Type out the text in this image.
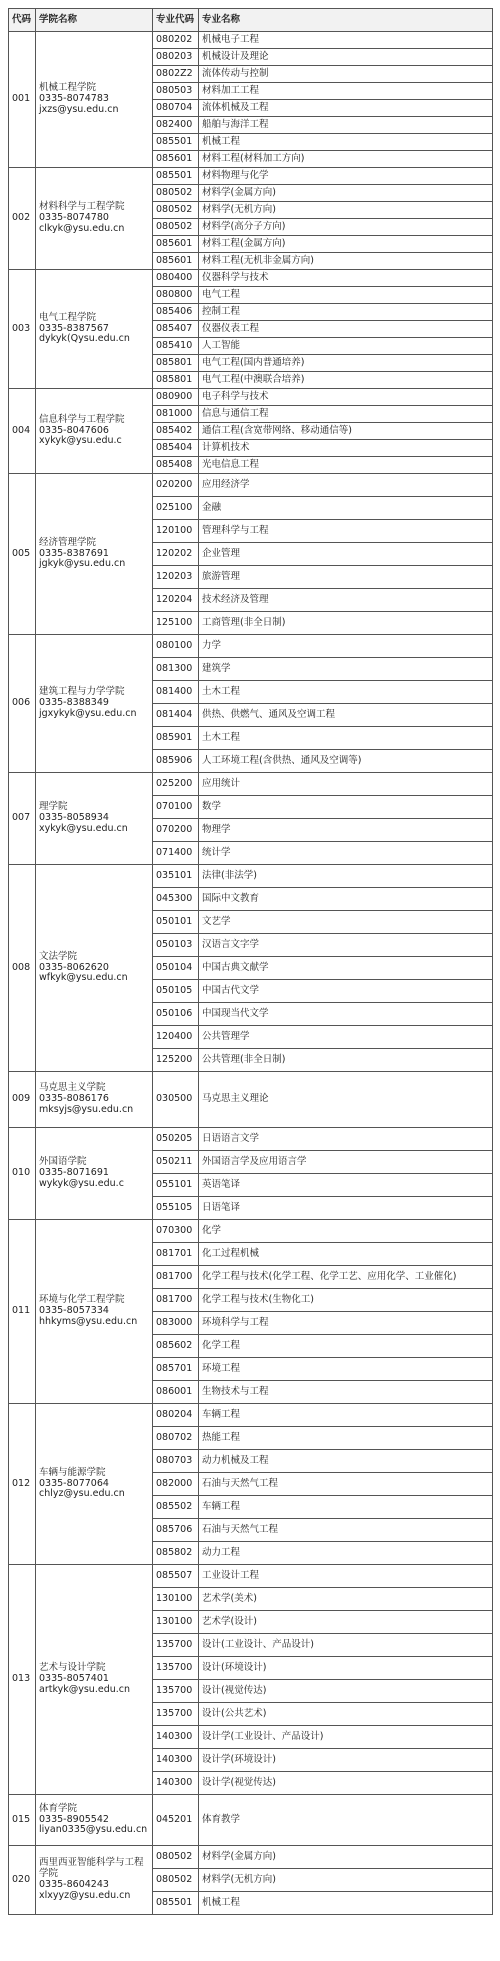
代码	学院名称	专业代码	专业名称
001	机械工程学院
0335-8074783
jxzs@ysu.edu.cn	080202	机械电子工程
		080203	机械设计及理论
		0802Z2	流体传动与控制
		080503	材料加工工程
		080704	流体机械及工程
		082400	船舶与海洋工程
		085501	机械工程
		085601	材料工程(材料加工方向)
002	材料科学与工程学院
0335-8074780
clkyk@ysu.edu.cn	085501	材料物理与化学
		080502	材料学(金属方向)
		080502	材料学(无机方向)
		080502	材料学(高分子方向)
		085601	材料工程(金属方向)
		085601	材料工程(无机非金属方向)
003	电气工程学院
0335-8387567
dykyk(Qysu.edu.cn	080400	仪器科学与技术
		080800	电气工程
		085406	控制工程
		085407	仪器仪表工程
		085410	人工智能
		085801	电气工程(国内普通培养)
		085801	电气工程(中澳联合培养)
004	信息科学与工程学院
0335-8047606
xykyk@ysu.edu.c	080900	电子科学与技术
		081000	信息与通信工程
		085402	通信工程(含宽带网络、移动通信等)
		085404	计算机技术
		085408	光电信息工程
005	经济管理学院
0335-8387691
jgkyk@ysu.edu.cn	020200	应用经济学
		025100	金融
		120100	管理科学与工程
		120202	企业管理
		120203	旅游管理
		120204	技术经济及管理
		125100	工商管理(非全日制)
006	建筑工程与力学学院
0335-8388349
jgxykyk@ysu.edu.cn	080100	力学
		081300	建筑学
		081400	土木工程
		081404	供热、供燃气、通风及空调工程
		085901	土木工程
		085906	人工环境工程(含供热、通风及空调等)
007	理学院
0335-8058934
xykyk@ysu.edu.cn	025200	应用统计
		070100	数学
		070200	物理学
		071400	统计学
008	文法学院
0335-8062620
wfkyk@ysu.edu.cn	035101	法律(非法学)
		045300	国际中文教育
		050101	文艺学
		050103	汉语言文字学
		050104	中国古典文献学
		050105	中国古代文学
		050106	中国现当代文学
		120400	公共管理学
		125200	公共管理(非全日制)
009	马克思主义学院
0335-8086176
mksyjs@ysu.edu.cn	030500	马克思主义理论
010	外国语学院
0335-8071691
wykyk@ysu.edu.c	050205	日语语言文学
		050211	外国语言学及应用语言学
		055101	英语笔译
		055105	日语笔译
011	环境与化学工程学院
0335-8057334
hhkyms@ysu.edu.cn	070300	化学
		081701	化工过程机械
		081700	化学工程与技术(化学工程、化学工艺、应用化学、工业催化)
		081700	化学工程与技术(生物化工)
		083000	环境科学与工程
		085602	化学工程
		085701	环境工程
		086001	生物技术与工程
012	车辆与能源学院
0335-8077064
chlyz@ysu.edu.cn	080204	车辆工程
		080702	热能工程
		080703	动力机械及工程
		082000	石油与天然气工程
		085502	车辆工程
		085706	石油与天然气工程
		085802	动力工程
013	艺术与设计学院
0335-8057401
artkyk@ysu.edu.cn	085507	工业设计工程
		130100	艺术学(美术)
		130100	艺术学(设计)
		135700	设计(工业设计、产品设计)
		135700	设计(环境设计)
		135700	设计(视觉传达)
		135700	设计(公共艺术)
		140300	设计学(工业设计、产品设计)
		140300	设计学(环境设计)
		140300	设计学(视觉传达)
015	体育学院
0335-8905542
liyan0335@ysu.edu.cn	045201	体育教学
020	西里西亚智能科学与工程学院
0335-8604243
xlxyyz@ysu.edu.cn	080502	材料学(金属方向)
		080502	材料学(无机方向)
		085501	机械工程
